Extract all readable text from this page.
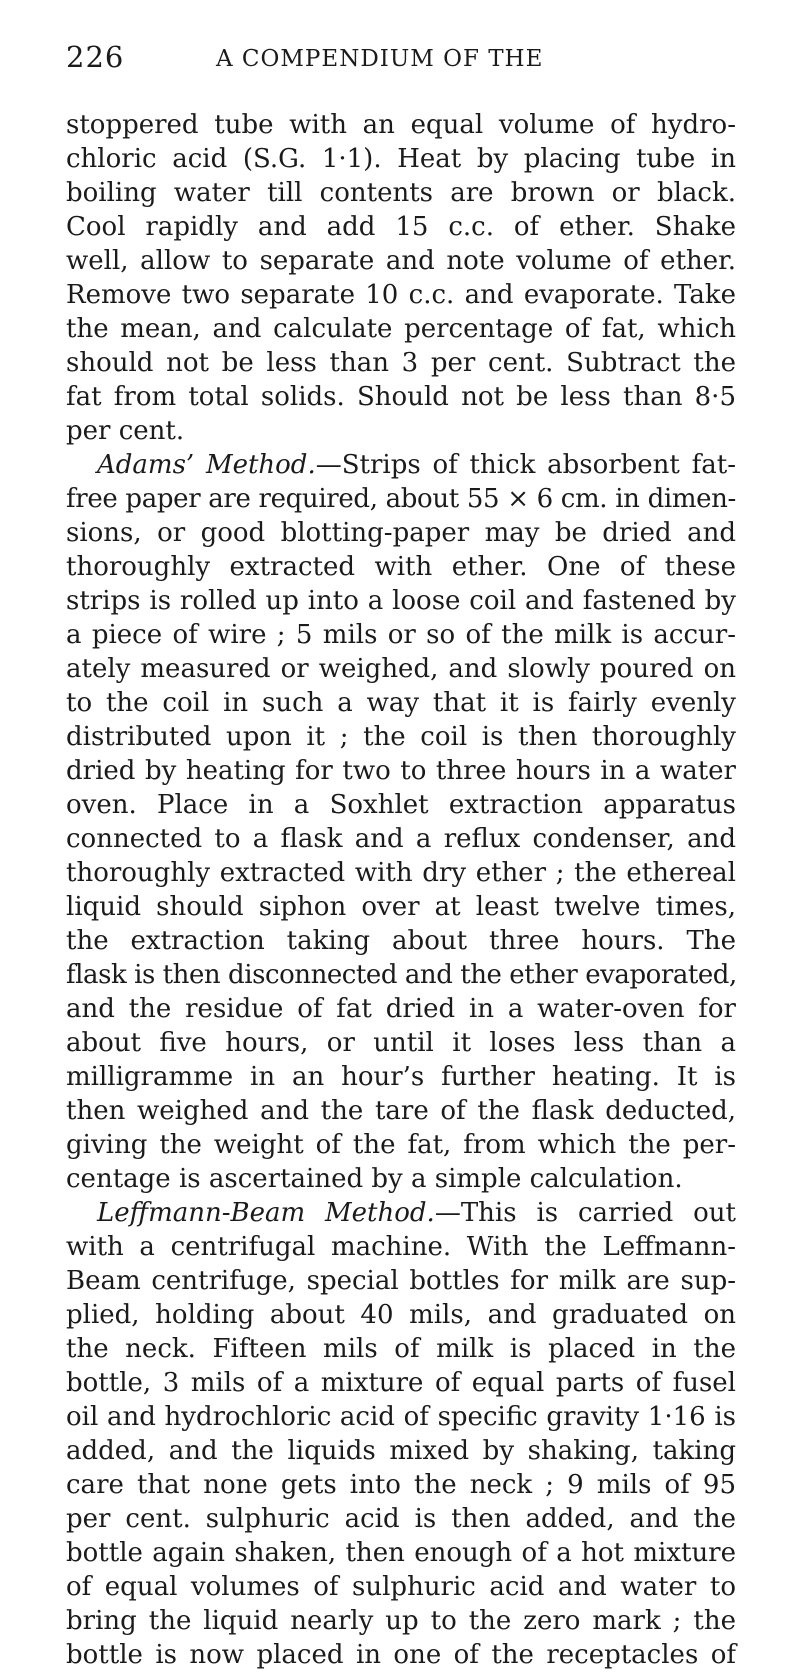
226	A COMPENDIUM OF THE
stoppered tube with an equal volume of hydro-
chloric acid (S.G. 1·1). Heat by placing tube in
boiling water till contents are brown or black.
Cool rapidly and add 15 c.c. of ether. Shake
well, allow to separate and note volume of ether.
Remove two separate 10 c.c. and evaporate. Take
the mean, and calculate percentage of fat, which
should not be less than 3 per cent. Subtract the
fat from total solids. Should not be less than 8·5
per cent.
Adams’ Method.—Strips of thick absorbent fat-
free paper are required, about 55 × 6 cm. in dimen-
sions, or good blotting-paper may be dried and
thoroughly extracted with ether. One of these
strips is rolled up into a loose coil and fastened by
a piece of wire ; 5 mils or so of the milk is accur-
ately measured or weighed, and slowly poured on
to the coil in such a way that it is fairly evenly
distributed upon it ; the coil is then thoroughly
dried by heating for two to three hours in a water
oven. Place in a Soxhlet extraction apparatus
connected to a flask and a reflux condenser, and
thoroughly extracted with dry ether ; the ethereal
liquid should siphon over at least twelve times,
the extraction taking about three hours. The
flask is then disconnected and the ether evaporated,
and the residue of fat dried in a water-oven for
about five hours, or until it loses less than a
milligramme in an hour’s further heating. It is
then weighed and the tare of the flask deducted,
giving the weight of the fat, from which the per-
centage is ascertained by a simple calculation.
Leffmann-Beam Method.—This is carried out
with a centrifugal machine. With the Leffmann-
Beam centrifuge, special bottles for milk are sup-
plied, holding about 40 mils, and graduated on
the neck. Fifteen mils of milk is placed in the
bottle, 3 mils of a mixture of equal parts of fusel
oil and hydrochloric acid of specific gravity 1·16 is
added, and the liquids mixed by shaking, taking
care that none gets into the neck ; 9 mils of 95
per cent. sulphuric acid is then added, and the
bottle again shaken, then enough of a hot mixture
of equal volumes of sulphuric acid and water to
bring the liquid nearly up to the zero mark ; the
bottle is now placed in one of the receptacles of
